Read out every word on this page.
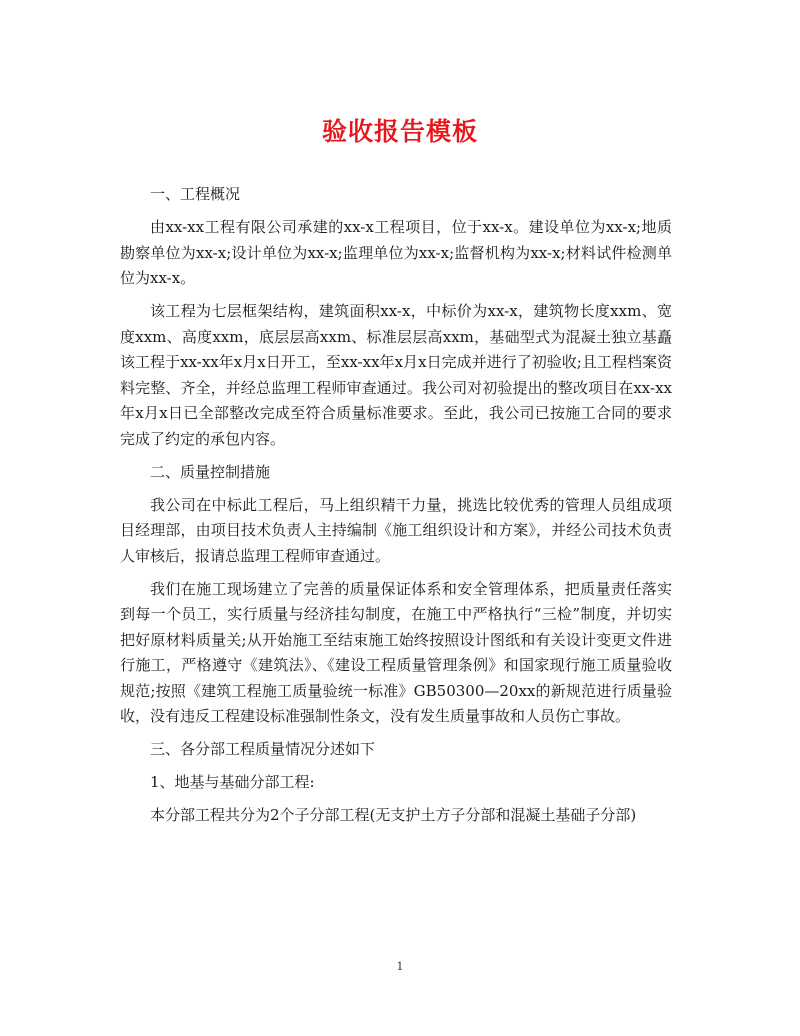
验收报告模板

一、工程概况

由xx-xx工程有限公司承建的xx-x工程项目，位于xx-x。建设单位为xx-x;地质勘察单位为xx-x;设计单位为xx-x;监理单位为xx-x;监督机构为xx-x;材料试件检测单位为xx-x。

该工程为七层框架结构，建筑面积xx-x，中标价为xx-x，建筑物长度xxm、宽度xxm、高度xxm，底层层高xxm、标准层层高xxm，基础型式为混凝土独立基矗该工程于xx-xx年x月x日开工，至xx-xx年x月x日完成并进行了初验收;且工程档案资料完整、齐全，并经总监理工程师审查通过。我公司对初验提出的整改项目在xx-xx年x月x日已全部整改完成至符合质量标准要求。至此，我公司已按施工合同的要求完成了约定的承包内容。

二、质量控制措施

我公司在中标此工程后，马上组织精干力量，挑选比较优秀的管理人员组成项目经理部，由项目技术负责人主持编制《施工组织设计和方案》，并经公司技术负责人审核后，报请总监理工程师审查通过。

我们在施工现场建立了完善的质量保证体系和安全管理体系，把质量责任落实到每一个员工，实行质量与经济挂勾制度，在施工中严格执行“三检”制度，并切实把好原材料质量关;从开始施工至结束施工始终按照设计图纸和有关设计变更文件进行施工，严格遵守《建筑法》、《建设工程质量管理条例》和国家现行施工质量验收规范;按照《建筑工程施工质量验统一标准》GB50300—20xx的新规范进行质量验收，没有违反工程建设标准强制性条文，没有发生质量事故和人员伤亡事故。

三、各分部工程质量情况分述如下

1、地基与基础分部工程:

本分部工程共分为2个子分部工程(无支护土方子分部和混凝土基础子分部)

1
